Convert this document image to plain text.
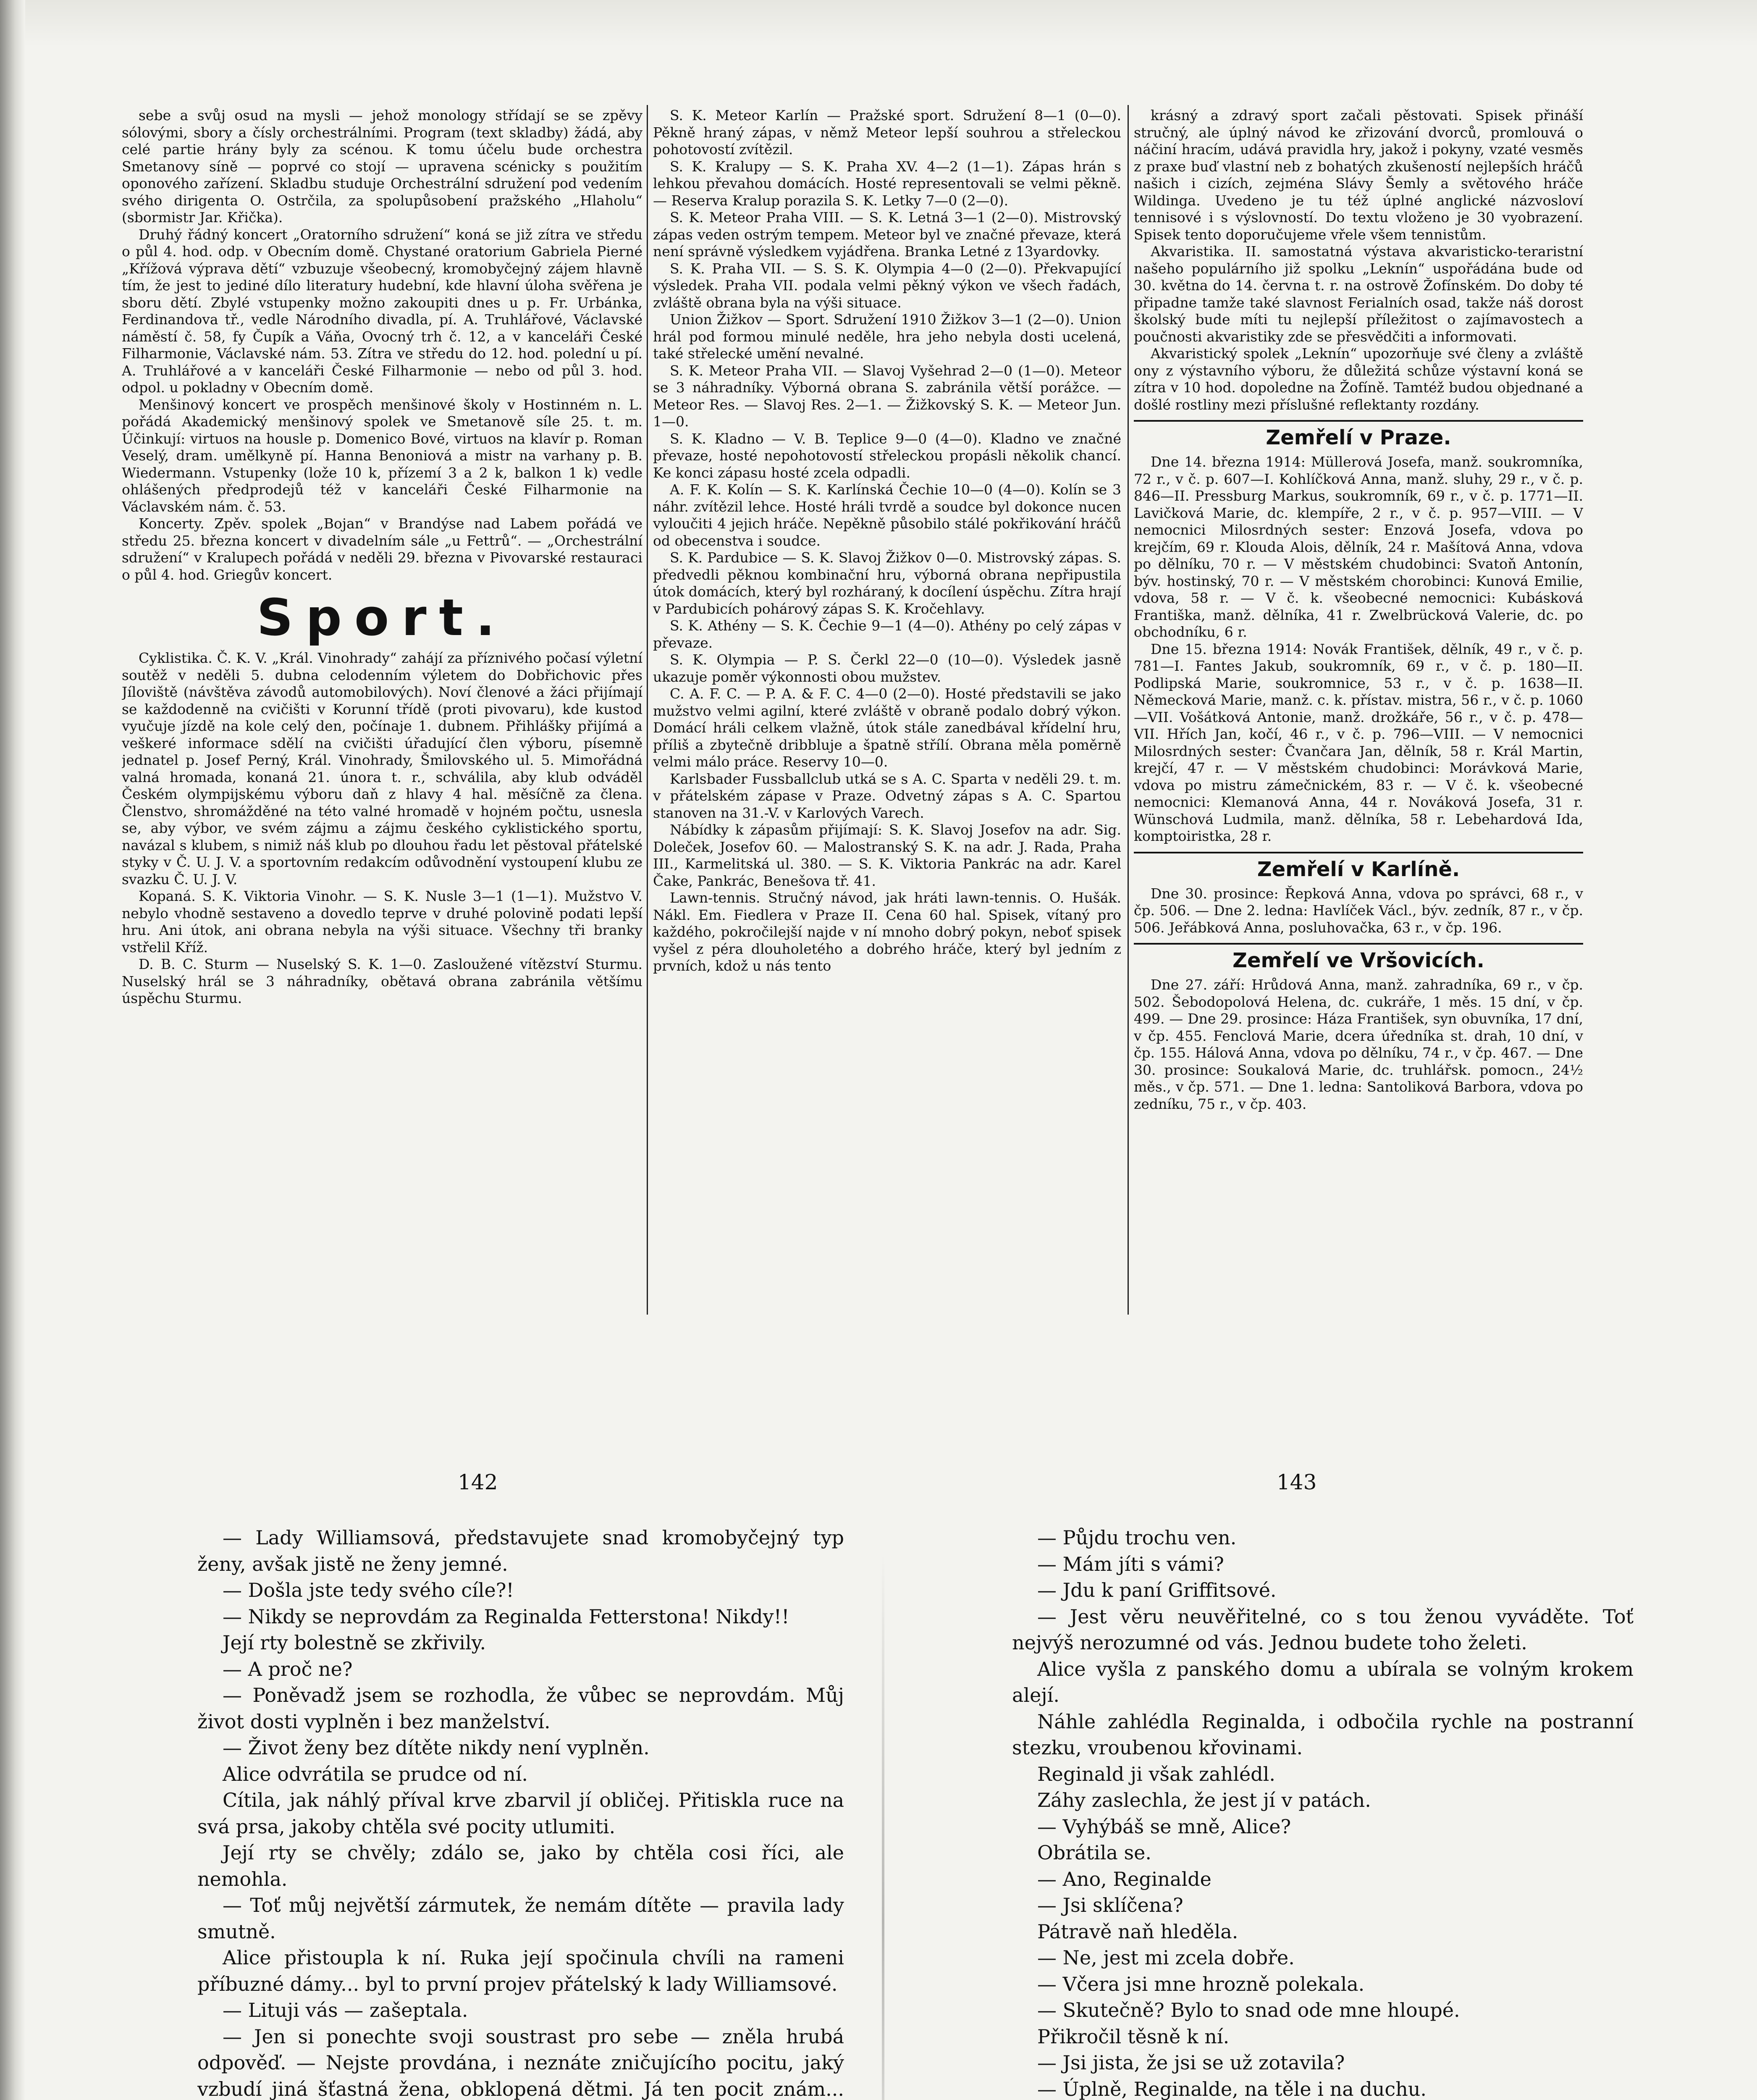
sebe a svůj osud na mysli — jehož monology střídají se se zpěvy sólovými, sbory a čísly orchestrálními. Program (text skladby) žádá, aby celé partie hrány byly za scénou. K tomu účelu bude orchestra Smetanovy síně — poprvé co stojí — upravena scénicky s použitím oponového zařízení. Skladbu studuje Orchestrální sdružení pod vedením svého dirigenta O. Ostrčila, za spolupůsobení pražského „Hlaholu“ (sbormistr Jar. Křička).

Druhý řádný koncert „Oratorního sdružení“ koná se již zítra ve středu o půl 4. hod. odp. v Obecním domě. Chystané oratorium Gabriela Pierné „Křížová výprava dětí“ vzbuzuje všeobecný, kromobyčejný zájem hlavně tím, že jest to jediné dílo literatury hudební, kde hlavní úloha svěřena je sboru dětí. Zbylé vstupenky možno zakoupiti dnes u p. Fr. Urbánka, Ferdinandova tř., vedle Národního divadla, pí. A. Truhlářové, Václavské náměstí č. 58, fy Čupík a Váňa, Ovocný trh č. 12, a v kanceláři České Filharmonie, Václavské nám. 53. Zítra ve středu do 12. hod. polední u pí. A. Truhlářové a v kanceláři České Filharmonie — nebo od půl 3. hod. odpol. u pokladny v Obecním domě.

Menšinový koncert ve prospěch menšinové školy v Hostinném n. L. pořádá Akademický menšinový spolek ve Smetanově síle 25. t. m. Účinkují: virtuos na housle p. Domenico Bové, virtuos na klavír p. Roman Veselý, dram. umělkyně pí. Hanna Benoniová a mistr na varhany p. B. Wiedermann. Vstupenky (lože 10 k, přízemí 3 a 2 k, balkon 1 k) vedle ohlášených předprodejů též v kanceláři České Filharmonie na Václavském nám. č. 53.

Koncerty. Zpěv. spolek „Bojan“ v Brandýse nad Labem pořádá ve středu 25. března koncert v divadelním sále „u Fettrů“. — „Orchestrální sdružení“ v Kralupech pořádá v neděli 29. března v Pivovarské restauraci o půl 4. hod. Griegův koncert.

Sport.

Cyklistika. Č. K. V. „Král. Vinohrady“ zahájí za příznivého počasí výletní soutěž v neděli 5. dubna celodenním výletem do Dobřichovic přes Jíloviště (návštěva závodů automobilových). Noví členové a žáci přijímají se každodenně na cvičišti v Korunní třídě (proti pivovaru), kde kustod vyučuje jízdě na kole celý den, počínaje 1. dubnem. Přihlášky přijímá a veškeré informace sdělí na cvičišti úřadující člen výboru, písemně jednatel p. Josef Perný, Král. Vinohrady, Šmilovského ul. 5. Mimořádná valná hromada, konaná 21. února t. r., schválila, aby klub odváděl Českém olympijskému výboru daň z hlavy 4 hal. měsíčně za člena. Členstvo, shromážděné na této valné hromadě v hojném počtu, usnesla se, aby výbor, ve svém zájmu a zájmu českého cyklistického sportu, navázal s klubem, s nimiž náš klub po dlouhou řadu let pěstoval přátelské styky v Č. U. J. V. a sportovním redakcím odůvodnění vystoupení klubu ze svazku Č. U. J. V.

Kopaná. S. K. Viktoria Vinohr. — S. K. Nusle 3—1 (1—1). Mužstvo V. nebylo vhodně sestaveno a dovedlo teprve v druhé polovině podati lepší hru. Ani útok, ani obrana nebyla na výši situace. Všechny tři branky vstřelil Kříž.

D. B. C. Sturm — Nuselský S. K. 1—0. Zasloužené vítězství Sturmu. Nuselský hrál se 3 náhradníky, obětavá obrana zabránila většímu úspěchu Sturmu.

S. K. Meteor Karlín — Pražské sport. Sdružení 8—1 (0—0). Pěkně hraný zápas, v němž Meteor lepší souhrou a střeleckou pohotovostí zvítězil.

S. K. Kralupy — S. K. Praha XV. 4—2 (1—1). Zápas hrán s lehkou převahou domácích. Hosté representovali se velmi pěkně. — Reserva Kralup porazila S. K. Letky 7—0 (2—0).

S. K. Meteor Praha VIII. — S. K. Letná 3—1 (2—0). Mistrovský zápas veden ostrým tempem. Meteor byl ve značné převaze, která není správně výsledkem vyjádřena. Branka Letné z 13yardovky.

S. K. Praha VII. — S. S. K. Olympia 4—0 (2—0). Překvapující výsledek. Praha VII. podala velmi pěkný výkon ve všech řadách, zvláště obrana byla na výši situace.

Union Žižkov — Sport. Sdružení 1910 Žižkov 3—1 (2—0). Union hrál pod formou minulé neděle, hra jeho nebyla dosti ucelená, také střelecké umění nevalné.

S. K. Meteor Praha VII. — Slavoj Vyšehrad 2—0 (1—0). Meteor se 3 náhradníky. Výborná obrana S. zabránila větší porážce. — Meteor Res. — Slavoj Res. 2—1. — Žižkovský S. K. — Meteor Jun. 1—0.

S. K. Kladno — V. B. Teplice 9—0 (4—0). Kladno ve značné převaze, hosté nepohotovostí střeleckou propásli několik chancí. Ke konci zápasu hosté zcela odpadli.

A. F. K. Kolín — S. K. Karlínská Čechie 10—0 (4—0). Kolín se 3 náhr. zvítězil lehce. Hosté hráli tvrdě a soudce byl dokonce nucen vyloučiti 4 jejich hráče. Nepěkně působilo stálé pokřikování hráčů od obecenstva i soudce.

S. K. Pardubice — S. K. Slavoj Žižkov 0—0. Mistrovský zápas. S. předvedli pěknou kombinační hru, výborná obrana nepřipustila útok domácích, který byl rozháraný, k docílení úspěchu. Zítra hrají v Pardubicích pohárový zápas S. K. Kročehlavy.

S. K. Athény — S. K. Čechie 9—1 (4—0). Athény po celý zápas v převaze.

S. K. Olympia — P. S. Čerkl 22—0 (10—0). Výsledek jasně ukazuje poměr výkonnosti obou mužstev.

C. A. F. C. — P. A. & F. C. 4—0 (2—0). Hosté představili se jako mužstvo velmi agilní, které zvláště v obraně podalo dobrý výkon. Domácí hráli celkem vlažně, útok stále zanedbával křídelní hru, příliš a zbytečně dribbluje a špatně střílí. Obrana měla poměrně velmi málo práce. Reservy 10—0.

Karlsbader Fussballclub utká se s A. C. Sparta v neděli 29. t. m. v přátelském zápase v Praze. Odvetný zápas s A. C. Spartou stanoven na 31.-V. v Karlových Varech.

Nábídky k zápasům přijímají: S. K. Slavoj Josefov na adr. Sig. Doleček, Josefov 60. — Malostranský S. K. na adr. J. Rada, Praha III., Karmelitská ul. 380. — S. K. Viktoria Pankrác na adr. Karel Čake, Pankrác, Benešova tř. 41.

Lawn-tennis. Stručný návod, jak hráti lawn-tennis. O. Hušák. Nákl. Em. Fiedlera v Praze II. Cena 60 hal. Spisek, vítaný pro každého, pokročilejší najde v ní mnoho dobrý pokyn, neboť spisek vyšel z péra dlouholetého a dobrého hráče, který byl jedním z prvních, kdož u nás tento

krásný a zdravý sport začali pěstovati. Spisek přináší stručný, ale úplný návod ke zřizování dvorců, promlouvá o náčiní hracím, udává pravidla hry, jakož i pokyny, vzaté vesměs z praxe buď vlastní neb z bohatých zkušeností nejlepších hráčů našich i cizích, zejména Slávy Šemly a světového hráče Wildinga. Uvedeno je tu též úplné anglické názvosloví tennisové i s výslovností. Do textu vloženo je 30 vyobrazení. Spisek tento doporučujeme vřele všem tennistům.

Akvaristika. II. samostatná výstava akvaristicko-teraristní našeho populárního již spolku „Leknín“ uspořádána bude od 30. května do 14. června t. r. na ostrově Žofínském. Do doby té připadne tamže také slavnost Ferialních osad, takže náš dorost školský bude míti tu nejlepší příležitost o zajímavostech a poučnosti akvaristiky zde se přesvědčiti a informovati.

Akvaristický spolek „Leknín“ upozorňuje své členy a zvláště ony z výstavního výboru, že důležitá schůze výstavní koná se zítra v 10 hod. dopoledne na Žofíně. Tamtéž budou objednané a došlé rostliny mezi příslušné reflektanty rozdány.

Zemřelí v Praze.

Dne 14. března 1914: Müllerová Josefa, manž. soukromníka, 72 r., v č. p. 607—I. Kohlíčková Anna, manž. sluhy, 29 r., v č. p. 846—II. Pressburg Markus, soukromník, 69 r., v č. p. 1771—II. Lavičková Marie, dc. klempíře, 2 r., v č. p. 957—VIII. — V nemocnici Milosrdných sester: Enzová Josefa, vdova po krejčím, 69 r. Klouda Alois, dělník, 24 r. Mašítová Anna, vdova po dělníku, 70 r. — V městském chudobinci: Svatoň Antonín, býv. hostinský, 70 r. — V městském chorobinci: Kunová Emilie, vdova, 58 r. — V č. k. všeobecné nemocnici: Kubásková Františka, manž. dělníka, 41 r. Zwelbrücková Valerie, dc. po obchodníku, 6 r.

Dne 15. března 1914: Novák František, dělník, 49 r., v č. p. 781—I. Fantes Jakub, soukromník, 69 r., v č. p. 180—II. Podlipská Marie, soukromnice, 53 r., v č. p. 1638—II. Německová Marie, manž. c. k. přístav. mistra, 56 r., v č. p. 1060—VII. Vošátková Antonie, manž. drožkáře, 56 r., v č. p. 478—VII. Hřích Jan, kočí, 46 r., v č. p. 796—VIII. — V nemocnici Milosrdných sester: Čvančara Jan, dělník, 58 r. Král Martin, krejčí, 47 r. — V městském chudobinci: Morávková Marie, vdova po mistru zámečnickém, 83 r. — V č. k. všeobecné nemocnici: Klemanová Anna, 44 r. Nováková Josefa, 31 r. Wünschová Ludmila, manž. dělníka, 58 r. Lebehardová Ida, komptoiristka, 28 r.

Zemřelí v Karlíně.

Dne 30. prosince: Řepková Anna, vdova po správci, 68 r., v čp. 506. — Dne 2. ledna: Havlíček Václ., býv. zedník, 87 r., v čp. 506. Jeřábková Anna, posluhovačka, 63 r., v čp. 196.

Zemřelí ve Vršovicích.

Dne 27. září: Hrůdová Anna, manž. zahradníka, 69 r., v čp. 502. Šebodopolová Helena, dc. cukráře, 1 měs. 15 dní, v čp. 499. — Dne 29. prosince: Háza František, syn obuvníka, 17 dní, v čp. 455. Fenclová Marie, dcera úředníka st. drah, 10 dní, v čp. 155. Hálová Anna, vdova po dělníku, 74 r., v čp. 467. — Dne 30. prosince: Soukalová Marie, dc. truhlářsk. pomocn., 24½ měs., v čp. 571. — Dne 1. ledna: Santoliková Barbora, vdova po zedníku, 75 r., v čp. 403.

142	143

— Lady Williamsová, představujete snad kromobyčejný typ ženy, avšak jistě ne ženy jemné.

— Došla jste tedy svého cíle?!

— Nikdy se neprovdám za Reginalda Fetterstona! Nikdy!!

Její rty bolestně se zkřivily.

— A proč ne?

— Poněvadž jsem se rozhodla, že vůbec se neprovdám. Můj život dosti vyplněn i bez manželství.

— Život ženy bez dítěte nikdy není vyplněn.

Alice odvrátila se prudce od ní.

Cítila, jak náhlý příval krve zbarvil jí obličej. Přitiskla ruce na svá prsa, jakoby chtěla své pocity utlumiti.

Její rty se chvěly; zdálo se, jako by chtěla cosi říci, ale nemohla.

— Toť můj největší zármutek, že nemám dítěte — pravila lady smutně.

Alice přistoupla k ní. Ruka její spočinula chvíli na rameni příbuzné dámy... byl to první projev přátelský k lady Williamsové.

— Lituji vás — zašeptala.

— Jen si ponechte svoji soustrast pro sebe — zněla hrubá odpověď. — Nejste provdána, i neznáte zničujícího pocitu, jaký vzbudí jiná šťastná žena, obklopená dětmi. Já ten pocit znám...

— Půjdu trochu ven.

— Mám jíti s vámi?

— Jdu k paní Griffitsové.

— Jest věru neuvěřitelné, co s tou ženou vyváděte. Toť nejvýš nerozumné od vás. Jednou budete toho želeti.

Alice vyšla z panského domu a ubírala se volným krokem alejí.

Náhle zahlédla Reginalda, i odbočila rychle na postranní stezku, vroubenou křovinami.

Reginald ji však zahlédl.

Záhy zaslechla, že jest jí v patách.

— Vyhýbáš se mně, Alice?

Obrátila se.

— Ano, Reginalde

— Jsi sklíčena?

Pátravě naň hleděla.

— Ne, jest mi zcela dobře.

— Včera jsi mne hrozně polekala.

— Skutečně? Bylo to snad ode mne hloupé.

Přikročil těsně k ní.

— Jsi jista, že jsi se už zotavila?

— Úplně, Reginalde, na těle i na duchu.
